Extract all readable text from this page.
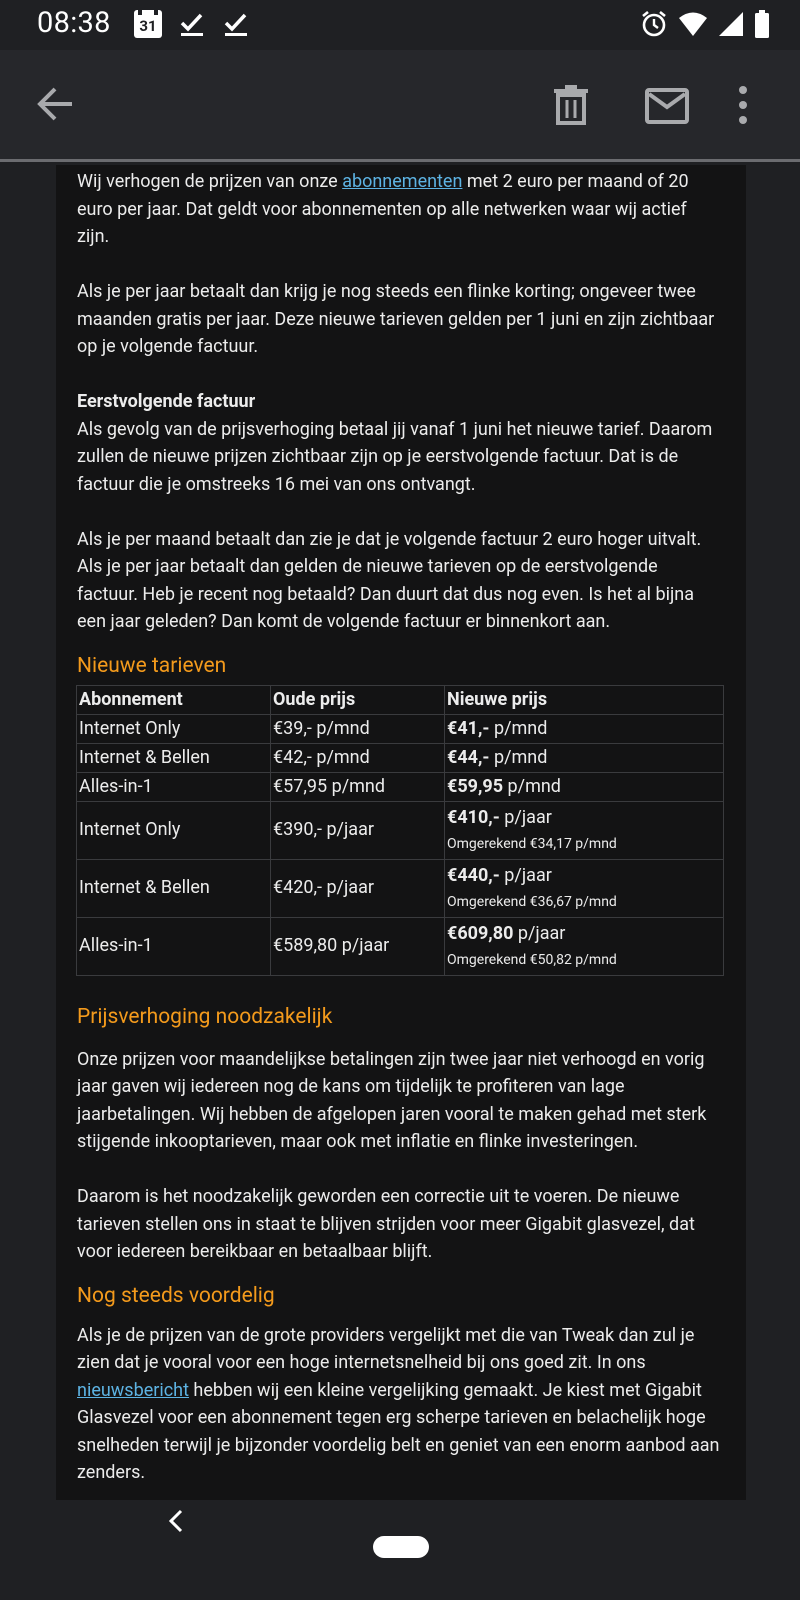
08:38	31

Wij verhogen de prijzen van onze abonnementen met 2 euro per maand of 20 euro per jaar. Dat geldt voor abonnementen op alle netwerken waar wij actief zijn.

Als je per jaar betaalt dan krijg je nog steeds een flinke korting; ongeveer twee maanden gratis per jaar. Deze nieuwe tarieven gelden per 1 juni en zijn zichtbaar op je volgende factuur.

Eerstvolgende factuur

Als gevolg van de prijsverhoging betaal jij vanaf 1 juni het nieuwe tarief. Daarom zullen de nieuwe prijzen zichtbaar zijn op je eerstvolgende factuur. Dat is de factuur die je omstreeks 16 mei van ons ontvangt.

Als je per maand betaalt dan zie je dat je volgende factuur 2 euro hoger uitvalt. Als je per jaar betaalt dan gelden de nieuwe tarieven op de eerstvolgende factuur. Heb je recent nog betaald? Dan duurt dat dus nog even. Is het al bijna een jaar geleden? Dan komt de volgende factuur er binnenkort aan.

Nieuwe tarieven
Abonnement	Oude prijs	Nieuwe prijs
Internet Only	€39,- p/mnd	€41,- p/mnd
Internet & Bellen	€42,- p/mnd	€44,- p/mnd
Alles-in-1	€57,95 p/mnd	€59,95 p/mnd
Internet Only	€390,- p/jaar	€410,- p/jaar
Omgerekend €34,17 p/mnd

Internet & Bellen	€420,- p/jaar	€440,- p/jaar
Omgerekend €36,67 p/mnd

Alles-in-1	€589,80 p/jaar	€609,80 p/jaar
Omgerekend €50,82 p/mnd
Prijsverhoging noodzakelijk

Onze prijzen voor maandelijkse betalingen zijn twee jaar niet verhoogd en vorig jaar gaven wij iedereen nog de kans om tijdelijk te profiteren van lage jaarbetalingen. Wij hebben de afgelopen jaren vooral te maken gehad met sterk stijgende inkooptarieven, maar ook met inflatie en flinke investeringen.

Daarom is het noodzakelijk geworden een correctie uit te voeren. De nieuwe tarieven stellen ons in staat te blijven strijden voor meer Gigabit glasvezel, dat voor iedereen bereikbaar en betaalbaar blijft.

Nog steeds voordelig

Als je de prijzen van de grote providers vergelijkt met die van Tweak dan zul je zien dat je vooral voor een hoge internetsnelheid bij ons goed zit. In ons nieuwsbericht hebben wij een kleine vergelijking gemaakt. Je kiest met Gigabit Glasvezel voor een abonnement tegen erg scherpe tarieven en belachelijk hoge snelheden terwijl je bijzonder voordelig belt en geniet van een enorm aanbod aan zenders.
